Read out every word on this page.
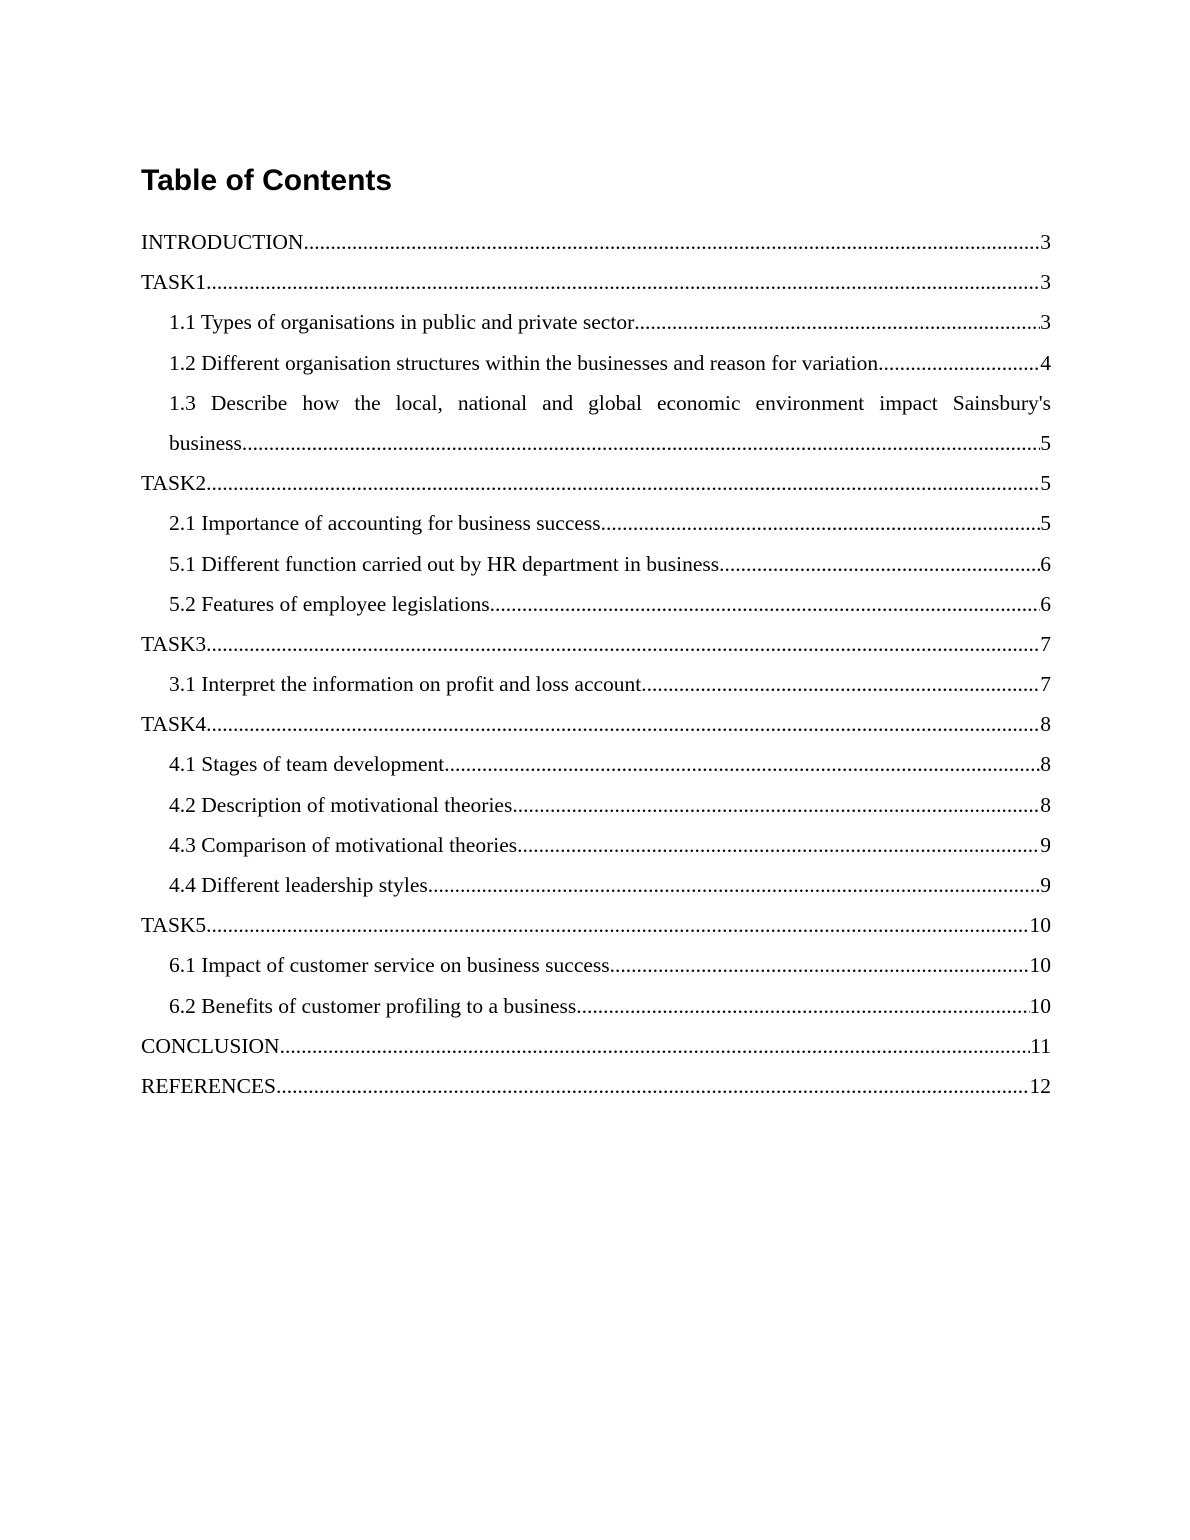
Table of Contents
INTRODUCTION .....	3
TASK1 .....	3
1.1 Types of organisations in public and private sector .....	3
1.2 Different organisation structures within the businesses and reason for variation .....	4
1.3 Describe how the local, national and global economic environment impact Sainsbury's
business .....	5
TASK2 .....	5
2.1 Importance of accounting for business success .....	5
5.1 Different function carried out by HR department in business .....	6
5.2 Features of employee legislations .....	6
TASK3 .....	7
3.1 Interpret the information on profit and loss account .....	7
TASK4 .....	8
4.1 Stages of team development .....	8
4.2 Description of motivational theories .....	8
4.3 Comparison of motivational theories .....	9
4.4 Different leadership styles .....	9
TASK5 .....	10
6.1 Impact of customer service on business success .....	10
6.2 Benefits of customer profiling to a business .....	10
CONCLUSION .....	11
REFERENCES .....	12
